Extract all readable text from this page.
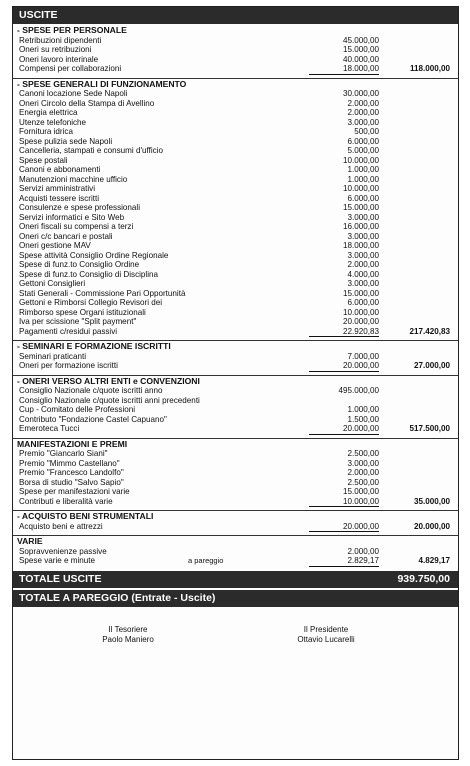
USCITE
- SPESE PER PERSONALE
Retribuzioni dipendenti	45.000,00
Oneri su retribuzioni	15.000,00
Oneri lavoro interinale	40.000,00
Compensi per collaborazioni	18.000,00	118.000,00
- SPESE GENERALI DI FUNZIONAMENTO
Canoni locazione Sede Napoli	30.000,00
Oneri Circolo della Stampa di Avellino	2.000,00
Energia elettrica	2.000,00
Utenze telefoniche	3.000,00
Fornitura idrica	500,00
Spese pulizia sede Napoli	6.000,00
Cancelleria, stampati e consumi d'ufficio	5.000,00
Spese postali	10.000,00
Canoni e abbonamenti	1.000,00
Manutenzioni macchine ufficio	1.000,00
Servizi amministrativi	10.000,00
Acquisti tessere iscritti	6.000,00
Consulenze e spese professionali	15.000,00
Servizi informatici e Sito Web	3.000,00
Oneri fiscali su compensi a terzi	16.000,00
Oneri c/c bancari e postali	3.000,00
Oneri gestione MAV	18.000,00
Spese attività Consiglio Ordine Regionale	3.000,00
Spese di funz.to Consiglio Ordine	2.000,00
Spese di funz.to Consiglio di Disciplina	4.000,00
Gettoni Consiglieri	3.000,00
Stati Generali - Commissione Pari Opportunità	15.000,00
Gettoni e Rimborsi Collegio Revisori dei	6.000,00
Rimborso spese Organi istituzionali	10.000,00
Iva per scissione "Split payment"	20.000,00
Pagamenti c/residui passivi	22.920,83	217.420,83
- SEMINARI E FORMAZIONE ISCRITTI
Seminari praticanti	7.000,00
Oneri per formazione iscritti	20.000,00	27.000,00
- ONERI VERSO ALTRI ENTI e CONVENZIONI
Consiglio Nazionale c/quote iscritti anno	495.000,00
Consiglio Nazionale c/quote iscritti anni precedenti
Cup - Comitato delle Professioni	1.000,00
Contributo "Fondazione Castel Capuano"	1.500,00
Emeroteca Tucci	20.000,00	517.500,00
MANIFESTAZIONI E PREMI
Premio "Giancarlo Siani"	2.500,00
Premio "Mimmo Castellano"	3.000,00
Premio "Francesco Landolfo"	2.000,00
Borsa di studio "Salvo Sapio"	2.500,00
Spese per manifestazioni varie	15.000,00
Contributi e liberalità varie	10.000,00	35.000,00
- ACQUISTO BENI STRUMENTALI
Acquisto beni e attrezzi	20.000,00	20.000,00
VARIE
Sopravvenienze passive	2.000,00
Spese varie e minute	a pareggio	2.829,17	4.829,17
TOTALE USCITE	939.750,00
TOTALE A PAREGGIO (Entrate - Uscite)
Il Tesoriere
Paolo Maniero
Il Presidente
Ottavio Lucarelli
